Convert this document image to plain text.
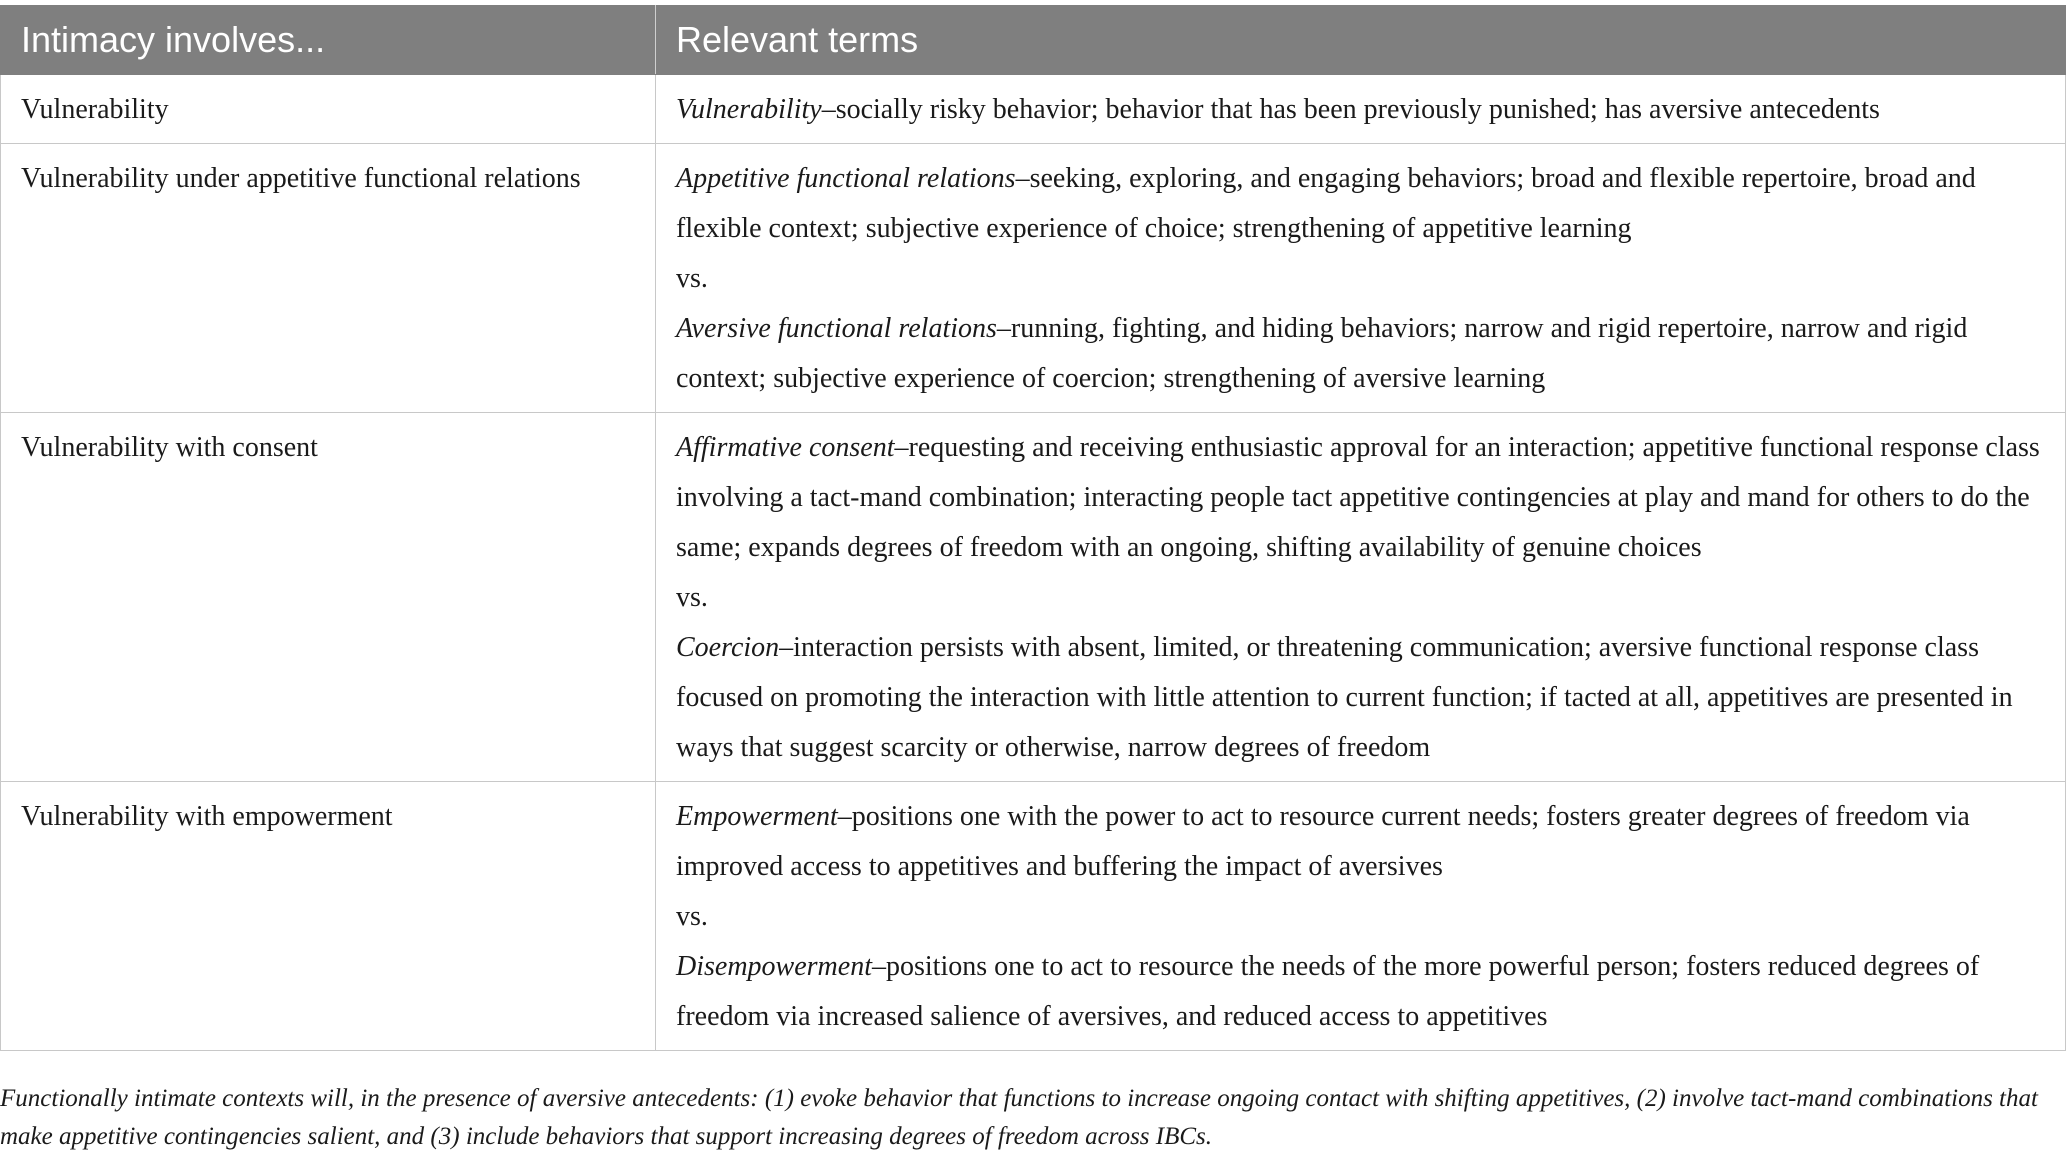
Intimacy involves...	Relevant terms
Vulnerability	Vulnerability–socially risky behavior; behavior that has been previously punished; has aversive antecedents

Vulnerability under appetitive functional relations	Appetitive functional relations–seeking, exploring, and engaging behaviors; broad and flexible repertoire, broad and flexible context; subjective experience of choice; strengthening of appetitive learning
vs.
Aversive functional relations–running, fighting, and hiding behaviors; narrow and rigid repertoire, narrow and rigid context; subjective experience of coercion; strengthening of aversive learning

Vulnerability with consent	Affirmative consent–requesting and receiving enthusiastic approval for an interaction; appetitive functional response class involving a tact-mand combination; interacting people tact appetitive contingencies at play and mand for others to do the same; expands degrees of freedom with an ongoing, shifting availability of genuine choices
vs.
Coercion–interaction persists with absent, limited, or threatening communication; aversive functional response class focused on promoting the interaction with little attention to current function; if tacted at all, appetitives are presented in ways that suggest scarcity or otherwise, narrow degrees of freedom

Vulnerability with empowerment	Empowerment–positions one with the power to act to resource current needs; fosters greater degrees of freedom via improved access to appetitives and buffering the impact of aversives
vs.
Disempowerment–positions one to act to resource the needs of the more powerful person; fosters reduced degrees of freedom via increased salience of aversives, and reduced access to appetitives
Functionally intimate contexts will, in the presence of aversive antecedents: (1) evoke behavior that functions to increase ongoing contact with shifting appetitives, (2) involve tact-mand combinations that make appetitive contingencies salient, and (3) include behaviors that support increasing degrees of freedom across IBCs.
